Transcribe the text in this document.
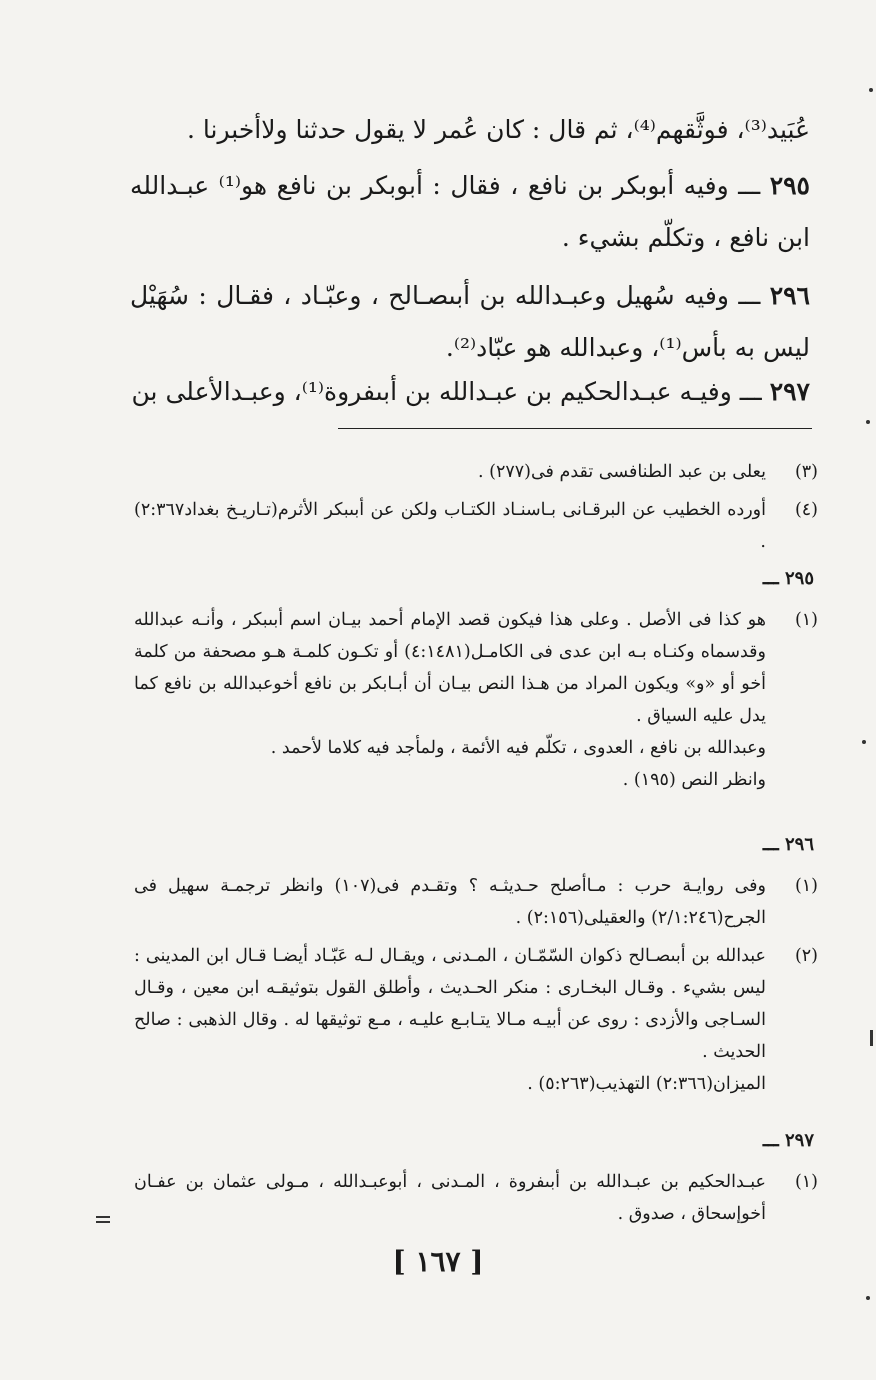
عُبَيد⁽³⁾، فوثَّقهم⁽⁴⁾، ثم قال : كان عُمر لا يقول حدثنا ولاأخبرنا .
٢٩٥ ـــ وفيه أبوبكر بن نافع ، فقال : أبوبكر بن نافع هو⁽¹⁾ عبـدالله ابن نافع ، وتكلّم بشيء .
٢٩٦ ـــ وفيه سُهيل وعبـدالله بن أبىصـالح ، وعبّـاد ، فقـال : سُهَيْل ليس به بأس⁽¹⁾، وعبدالله هو عبّاد⁽²⁾.
٢٩٧ ـــ وفيـه عبـدالحكيم بن عبـدالله بن أبىفروة⁽¹⁾، وعبـدالأعلى بن
(٣)
يعلى بن عبد الطنافسى تقدم فى(٢٧٧) .
(٤)
أورده الخطيب عن البرقـانى بـاسنـاد الكتـاب ولكن عن أبىبكر الأثرم(تـاريـخ بغداد٢:٣٦٧) .
٢٩٥ ـــ
(١)
هو كذا فى الأصل . وعلى هذا فيكون قصد الإمام أحمد بيـان اسم أبىبكر ، وأنـه عبدالله وقدسماه وكنـاه بـه ابن عدى فى الكامـل(٤:١٤٨١) أو تكـون كلمـة هـو مصحفة من كلمة أخو أو «و» ويكون المراد من هـذا النص بيـان أن أبـابكر بن نافع أخوعبدالله بن نافع كما يدل عليه السياق .
وعبدالله بن نافع ، العدوى ، تكلّم فيه الأئمة ، ولمأجد فيه كلاما لأحمد .
وانظر النص (١٩٥) .
٢٩٦ ـــ
(١)
وفى روايـة حرب : مـاأصلح حـديثـه ؟ وتقـدم فى(١٠٧) وانظر ترجمـة سهيل فى الجرح(٢/١:٢٤٦) والعقيلى(٢:١٥٦) .
(٢)
عبدالله بن أبىصـالح ذكوان السّمّـان ، المـدنى ، ويقـال لـه عَبّـاد أيضـا قـال ابن المدينى : ليس بشيء . وقـال البخـارى : منكر الحـديث ، وأطلق القول بتوثيقـه ابن معين ، وقـال السـاجى والأزدى : روى عن أبيـه مـالا يتـابـع عليـه ، مـع توثيقها له . وقال الذهبى : صالح الحديث .
الميزان(٢:٣٦٦) التهذيب(٥:٢٦٣) .
٢٩٧ ـــ
(١)
عبـدالحكيم بن عبـدالله بن أبىفروة ، المـدنى ، أبوعبـدالله ، مـولى عثمان بن عفـان أخوإسحاق ، صدوق .
[ ١٦٧ ]
